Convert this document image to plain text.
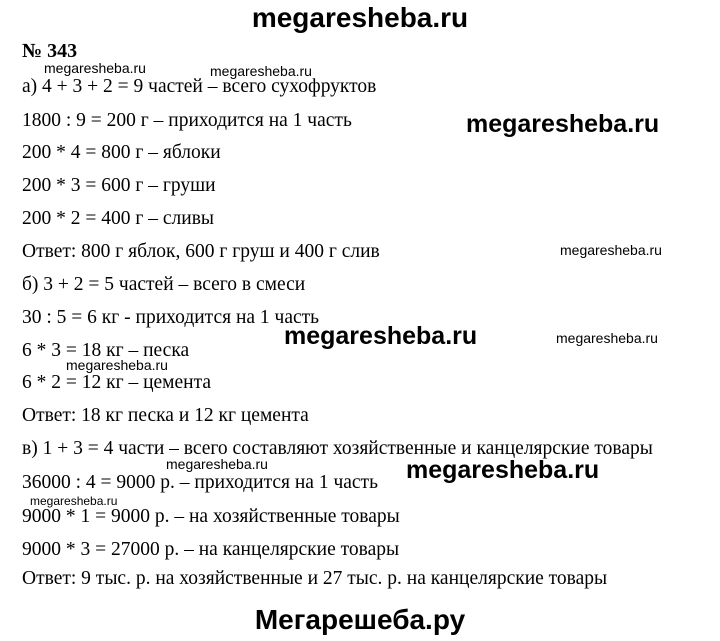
megaresheba.ru
№ 343
а) 4 + 3 + 2 = 9 частей – всего сухофруктов
1800 : 9 = 200 г – приходится на 1 часть
200 * 4 = 800 г – яблоки
200 * 3 = 600 г – груши
200 * 2 = 400 г – сливы
Ответ: 800 г яблок, 600 г груш и 400 г слив
б) 3 + 2 = 5 частей – всего в смеси
30 : 5 = 6 кг - приходится на 1 часть
6 * 3 = 18 кг – песка
6 * 2 = 12 кг – цемента
Ответ: 18 кг песка и 12 кг цемента
в) 1 + 3 = 4 части – всего составляют хозяйственные и канцелярские товары
36000 : 4 = 9000 р. – приходится на 1 часть
9000 * 1 = 9000 р. – на хозяйственные товары
9000 * 3 = 27000 р. – на канцелярские товары
Ответ: 9 тыс. р. на хозяйственные и 27 тыс. р. на канцелярские товары
megaresheba.ru	megaresheba.ru
megaresheba.ru
megaresheba.ru
megaresheba.ru	megaresheba.ru
megaresheba.ru
megaresheba.ru	megaresheba.ru
megaresheba.ru
Мегарешеба.ру
